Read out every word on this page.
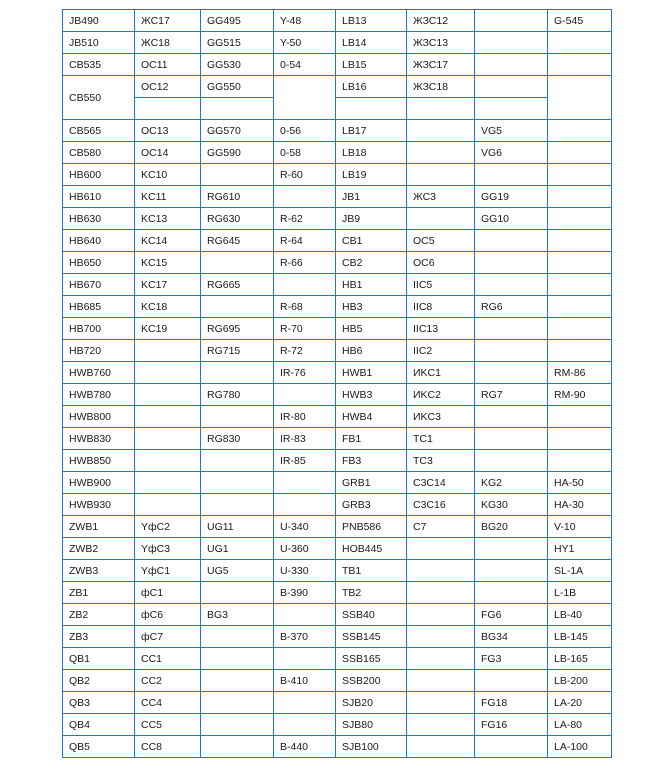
JB490	ЖС17	GG495	Y-48	LB13	ЖЗС12		G-545
JB510	ЖС18	GG515	Y-50	LB14	ЖЗС13		
CB535	OC11	GG530	0-54	LB15	ЖЗС17		
CB550	OC12	GG550		LB16	ЖЗС18		

CB565	OC13	GG570	0-56	LB17		VG5	
CB580	OC14	GG590	0-58	LB18		VG6	
HB600	KC10		R-60	LB19			
HB610	KC11	RG610		JB1	ЖС3	GG19	
HB630	KC13	RG630	R-62	JB9		GG10	
HB640	KC14	RG645	R-64	CB1	OC5		
HB650	KC15		R-66	CB2	OC6		
HB670	KC17	RG665		HB1	IIC5		
HB685	KC18		R-68	HB3	IIC8	RG6	
HB700	KC19	RG695	R-70	HB5	IIC13		
HB720		RG715	R-72	HB6	IIC2		
HWB760			IR-76	HWB1	ИKC1		RM-86
HWB780		RG780		HWB3	ИKC2	RG7	RM-90
HWB800			IR-80	HWB4	ИKC3		
HWB830		RG830	IR-83	FB1	TC1		
HWB850			IR-85	FB3	TC3		
HWB900				GRB1	C3C14	KG2	HA-50
HWB930				GRB3	C3C16	KG30	HA-30
ZWB1	YфC2	UG11	U-340	PNB586	C7	BG20	V-10
ZWB2	YфC3	UG1	U-360	HOB445			HY1
ZWB3	YфC1	UG5	U-330	TB1			SL-1A
ZB1	фC1		B-390	TB2			L-1B
ZB2	фC6	BG3		SSB40		FG6	LB-40
ZB3	фC7		B-370	SSB145		BG34	LB-145
QB1	CC1			SSB165		FG3	LB-165
QB2	CC2		B-410	SSB200			LB-200
QB3	CC4			SJB20		FG18	LA-20
QB4	CC5			SJB80		FG16	LA-80
QB5	CC8		B-440	SJB100			LA-100
